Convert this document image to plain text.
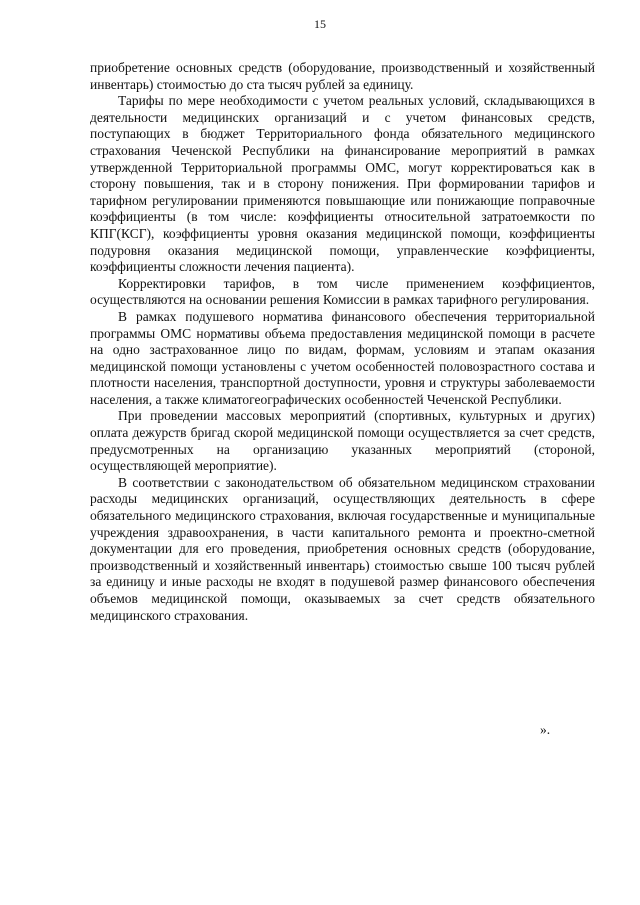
15

приобретение основных средств (оборудование, производственный и хозяйственный инвентарь) стоимостью до ста тысяч рублей за единицу.

Тарифы по мере необходимости с учетом реальных условий, складывающихся в деятельности медицинских организаций и с учетом финансовых средств, поступающих в бюджет Территориального фонда обязательного медицинского страхования Чеченской Республики на финансирование мероприятий в рамках утвержденной Территориальной программы ОМС, могут корректироваться как в сторону повышения, так и в сторону понижения. При формировании тарифов и тарифном регулировании применяются повышающие или понижающие поправочные коэффициенты (в том числе: коэффициенты относительной затратоемкости по КПГ(КСГ), коэффициенты уровня оказания медицинской помощи, коэффициенты подуровня оказания медицинской помощи, управленческие коэффициенты, коэффициенты сложности лечения пациента).

Корректировки тарифов, в том числе применением коэффициентов, осуществляются на основании решения Комиссии в рамках тарифного регулирования.

В рамках подушевого норматива финансового обеспечения территориальной программы ОМС нормативы объема предоставления медицинской помощи в расчете на одно застрахованное лицо по видам, формам, условиям и этапам оказания медицинской помощи установлены с учетом особенностей половозрастного состава и плотности населения, транспортной доступности, уровня и структуры заболеваемости населения, а также климатогеографических особенностей Чеченской Республики.

При проведении массовых мероприятий (спортивных, культурных и других) оплата дежурств бригад скорой медицинской помощи осуществляется за счет средств, предусмотренных на организацию указанных мероприятий (стороной, осуществляющей мероприятие).

В соответствии с законодательством об обязательном медицинском страховании расходы медицинских организаций, осуществляющих деятельность в сфере обязательного медицинского страхования, включая государственные и муниципальные учреждения здравоохранения, в части капитального ремонта и проектно-сметной документации для его проведения, приобретения основных средств (оборудование, производственный и хозяйственный инвентарь) стоимостью свыше 100 тысяч рублей за единицу и иные расходы не входят в подушевой размер финансового обеспечения объемов медицинской помощи, оказываемых за счет средств обязательного медицинского страхования.

».
